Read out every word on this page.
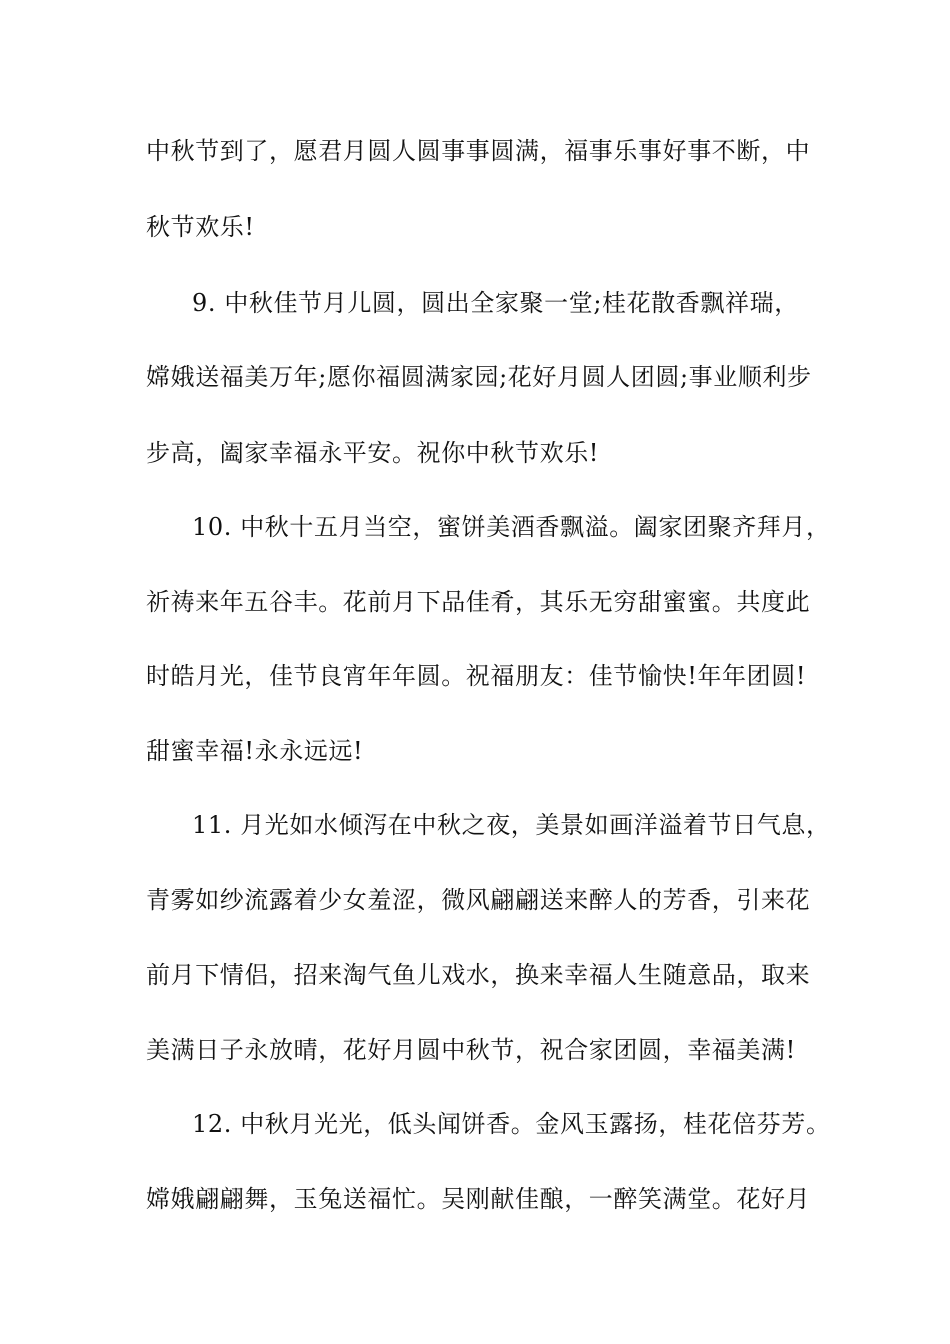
中秋节到了，愿君月圆人圆事事圆满，福事乐事好事不断，中
秋节欢乐!
9. 中秋佳节月儿圆，圆出全家聚一堂;桂花散香飘祥瑞，
嫦娥送福美万年;愿你福圆满家园;花好月圆人团圆;事业顺利步
步高，阖家幸福永平安。祝你中秋节欢乐!
10. 中秋十五月当空，蜜饼美酒香飘溢。阖家团聚齐拜月，
祈祷来年五谷丰。花前月下品佳肴，其乐无穷甜蜜蜜。共度此
时皓月光，佳节良宵年年圆。祝福朋友：佳节愉快!年年团圆!
甜蜜幸福!永永远远!
11. 月光如水倾泻在中秋之夜，美景如画洋溢着节日气息，
青雾如纱流露着少女羞涩，微风翩翩送来醉人的芳香，引来花
前月下情侣，招来淘气鱼儿戏水，换来幸福人生随意品，取来
美满日子永放晴，花好月圆中秋节，祝合家团圆，幸福美满!
12. 中秋月光光，低头闻饼香。金风玉露扬，桂花倍芬芳。
嫦娥翩翩舞，玉兔送福忙。吴刚献佳酿，一醉笑满堂。花好月
